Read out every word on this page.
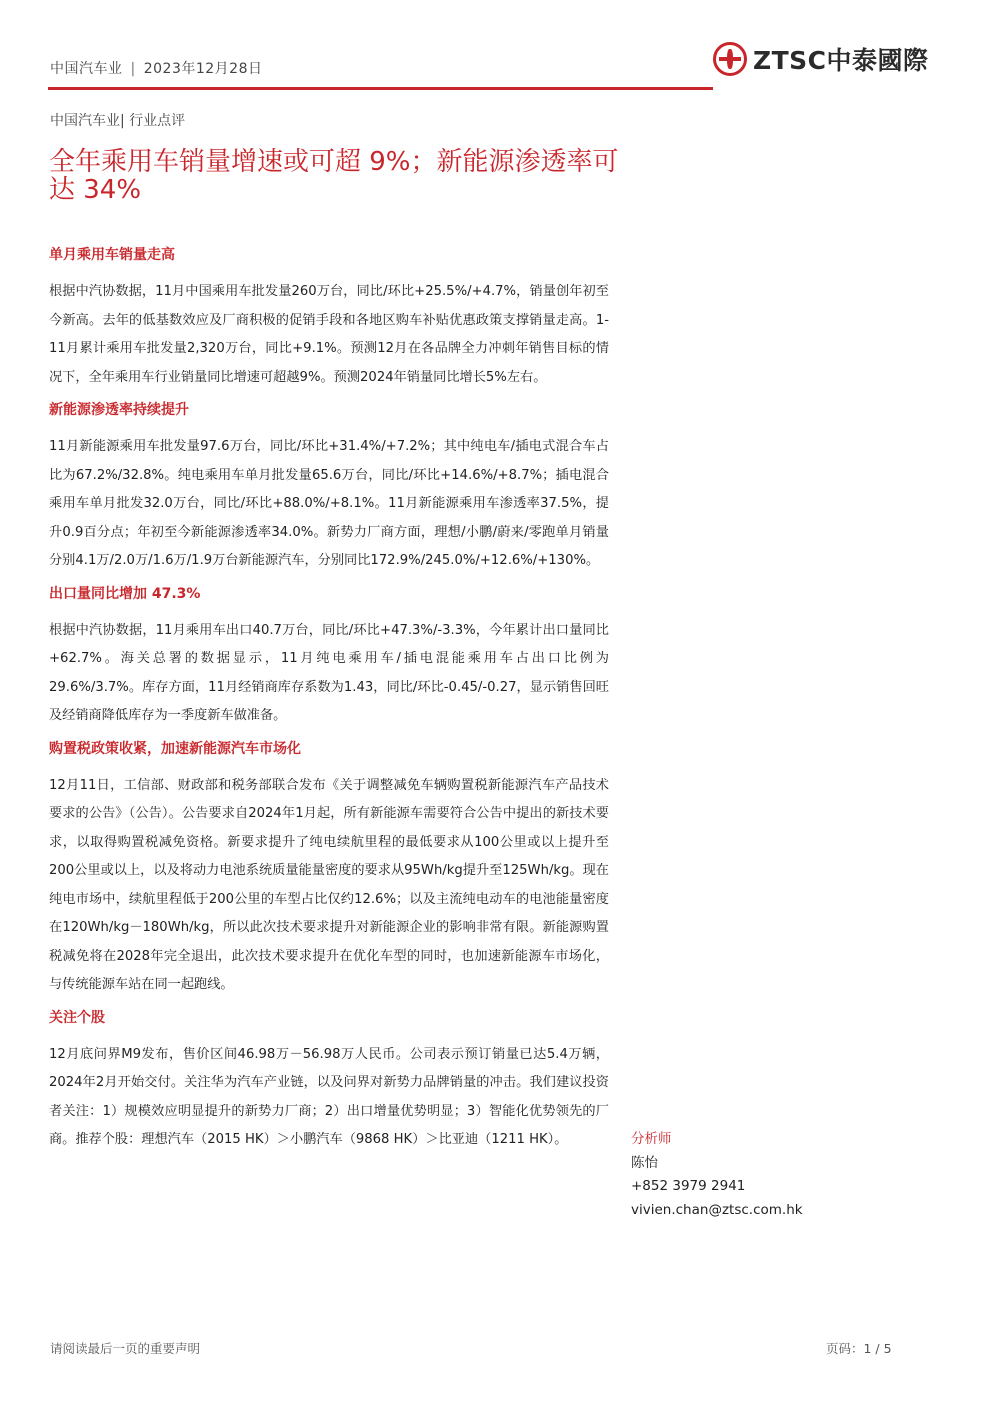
中国汽车业 | 2023年12月28日	ZTSC中泰國際
中国汽车业| 行业点评
全年乘用车销量增速或可超 9%；新能源渗透率可达 34%
单月乘用车销量走高

根据中汽协数据，11月中国乘用车批发量260万台，同比/环比+25.5%/+4.7%，销量创年初至今新高。去年的低基数效应及厂商积极的促销手段和各地区购车补贴优惠政策支撑销量走高。1-11月累计乘用车批发量2,320万台，同比+9.1%。预测12月在各品牌全力冲刺年销售目标的情况下，全年乘用车行业销量同比增速可超越9%。预测2024年销量同比增长5%左右。

新能源渗透率持续提升

11月新能源乘用车批发量97.6万台，同比/环比+31.4%/+7.2%；其中纯电车/插电式混合车占比为67.2%/32.8%。纯电乘用车单月批发量65.6万台，同比/环比+14.6%/+8.7%；插电混合乘用车单月批发32.0万台，同比/环比+88.0%/+8.1%。11月新能源乘用车渗透率37.5%，提升0.9百分点；年初至今新能源渗透率34.0%。新势力厂商方面，理想/小鹏/蔚来/零跑单月销量分别4.1万/2.0万/1.6万/1.9万台新能源汽车，分别同比172.9%/245.0%/+12.6%/+130%。

出口量同比增加 47.3%

根据中汽协数据，11月乘用车出口40.7万台，同比/环比+47.3%/-3.3%，今年累计出口量同比+62.7%。海关总署的数据显示，11月纯电乘用车/插电混能乘用车占出口比例为29.6%/3.7%。库存方面，11月经销商库存系数为1.43，同比/环比-0.45/-0.27，显示销售回旺及经销商降低库存为一季度新车做准备。

购置税政策收紧，加速新能源汽车市场化

12月11日，工信部、财政部和税务部联合发布《关于调整减免车辆购置税新能源汽车产品技术要求的公告》（公告）。公告要求自2024年1月起，所有新能源车需要符合公告中提出的新技术要求，以取得购置税减免资格。新要求提升了纯电续航里程的最低要求从100公里或以上提升至200公里或以上，以及将动力电池系统质量能量密度的要求从95Wh/kg提升至125Wh/kg。现在纯电市场中，续航里程低于200公里的车型占比仅约12.6%；以及主流纯电动车的电池能量密度在120Wh/kg－180Wh/kg，所以此次技术要求提升对新能源企业的影响非常有限。新能源购置税减免将在2028年完全退出，此次技术要求提升在优化车型的同时，也加速新能源车市场化，与传统能源车站在同一起跑线。

关注个股

12月底问界M9发布，售价区间46.98万－56.98万人民币。公司表示预订销量已达5.4万辆，2024年2月开始交付。关注华为汽车产业链，以及问界对新势力品牌销量的冲击。我们建议投资者关注：1）规模效应明显提升的新势力厂商；2）出口增量优势明显；3）智能化优势领先的厂商。推荐个股：理想汽车（2015 HK）＞小鹏汽车（9868 HK）＞比亚迪（1211 HK）。	分析师
陈怡
+852 3979 2941
vivien.chan@ztsc.com.hk
请阅读最后一页的重要声明	页码：1 / 5
